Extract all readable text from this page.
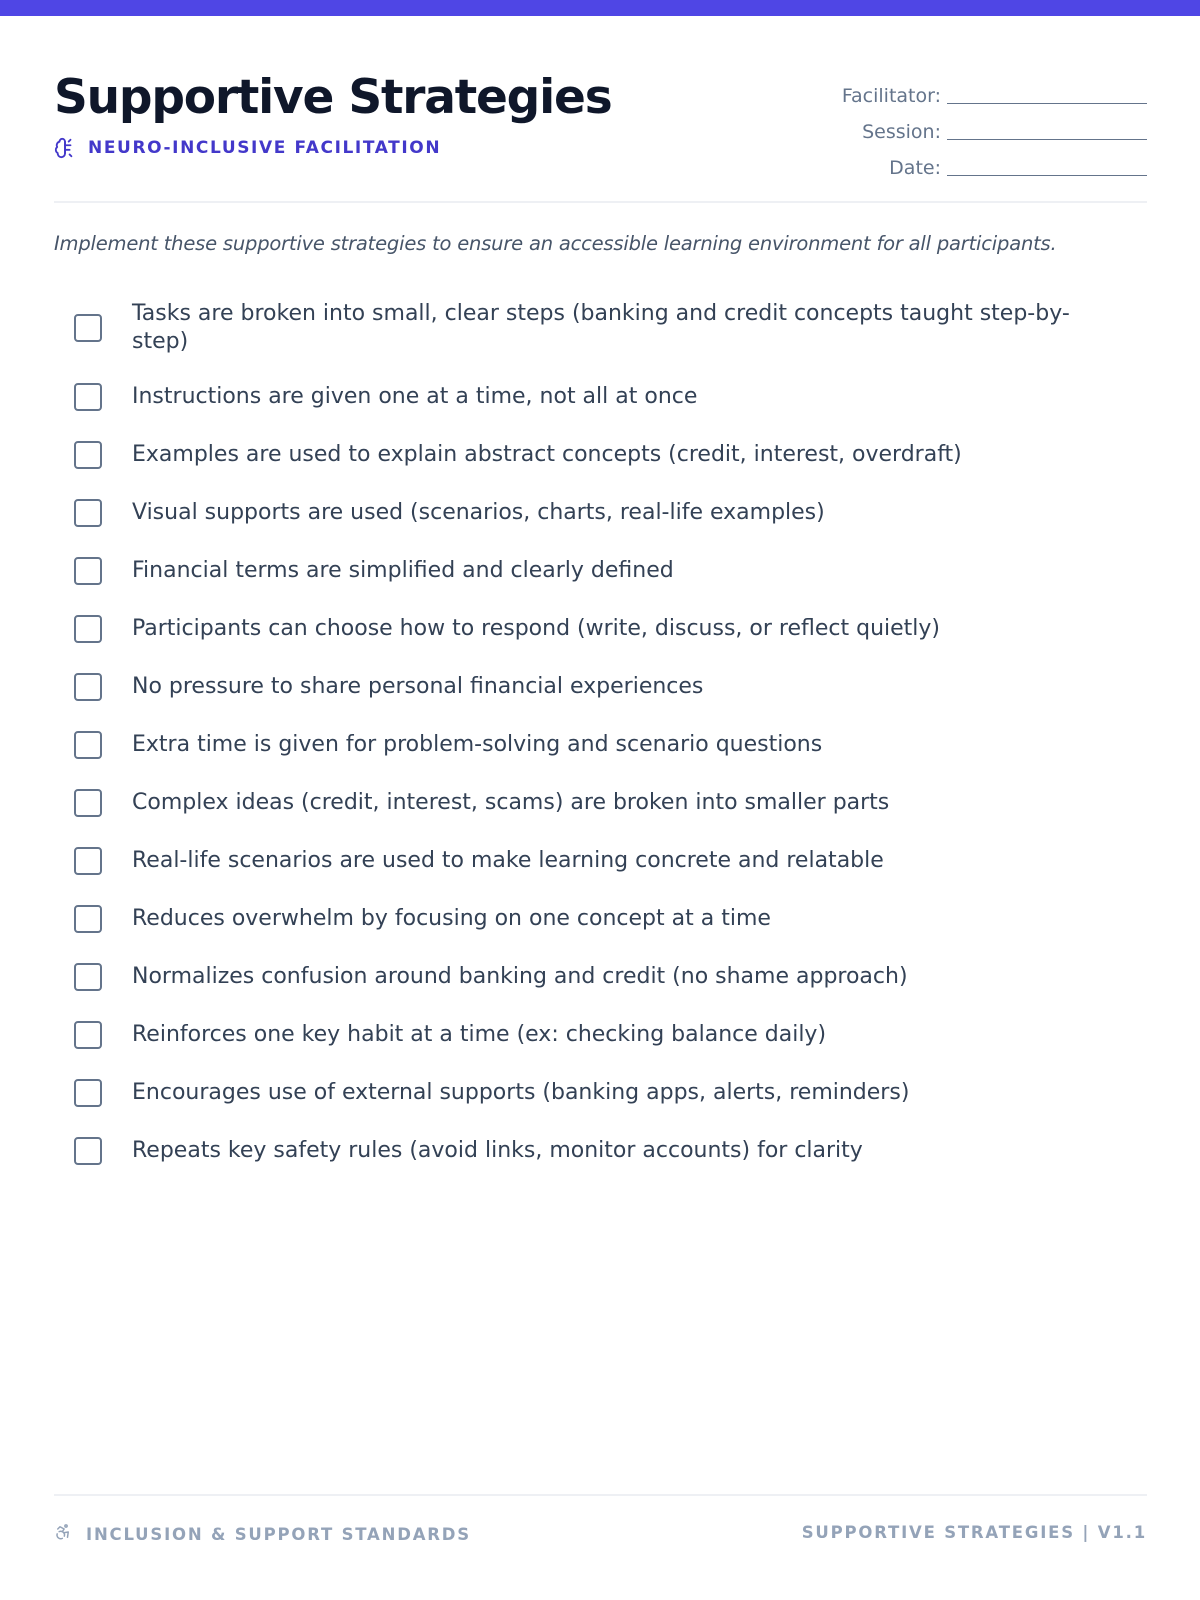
Supportive Strategies
NEURO-INCLUSIVE FACILITATION
Facilitator:
Session:
Date:

Implement these supportive strategies to ensure an accessible learning environment for all participants.

Tasks are broken into small, clear steps (banking and credit concepts taught step-by-step)
Instructions are given one at a time, not all at once
Examples are used to explain abstract concepts (credit, interest, overdraft)
Visual supports are used (scenarios, charts, real-life examples)
Financial terms are simplified and clearly defined
Participants can choose how to respond (write, discuss, or reflect quietly)
No pressure to share personal financial experiences
Extra time is given for problem-solving and scenario questions
Complex ideas (credit, interest, scams) are broken into smaller parts
Real-life scenarios are used to make learning concrete and relatable
Reduces overwhelm by focusing on one concept at a time
Normalizes confusion around banking and credit (no shame approach)
Reinforces one key habit at a time (ex: checking balance daily)
Encourages use of external supports (banking apps, alerts, reminders)
Repeats key safety rules (avoid links, monitor accounts) for clarity
INCLUSION & SUPPORT STANDARDS	SUPPORTIVE STRATEGIES | V1.1
